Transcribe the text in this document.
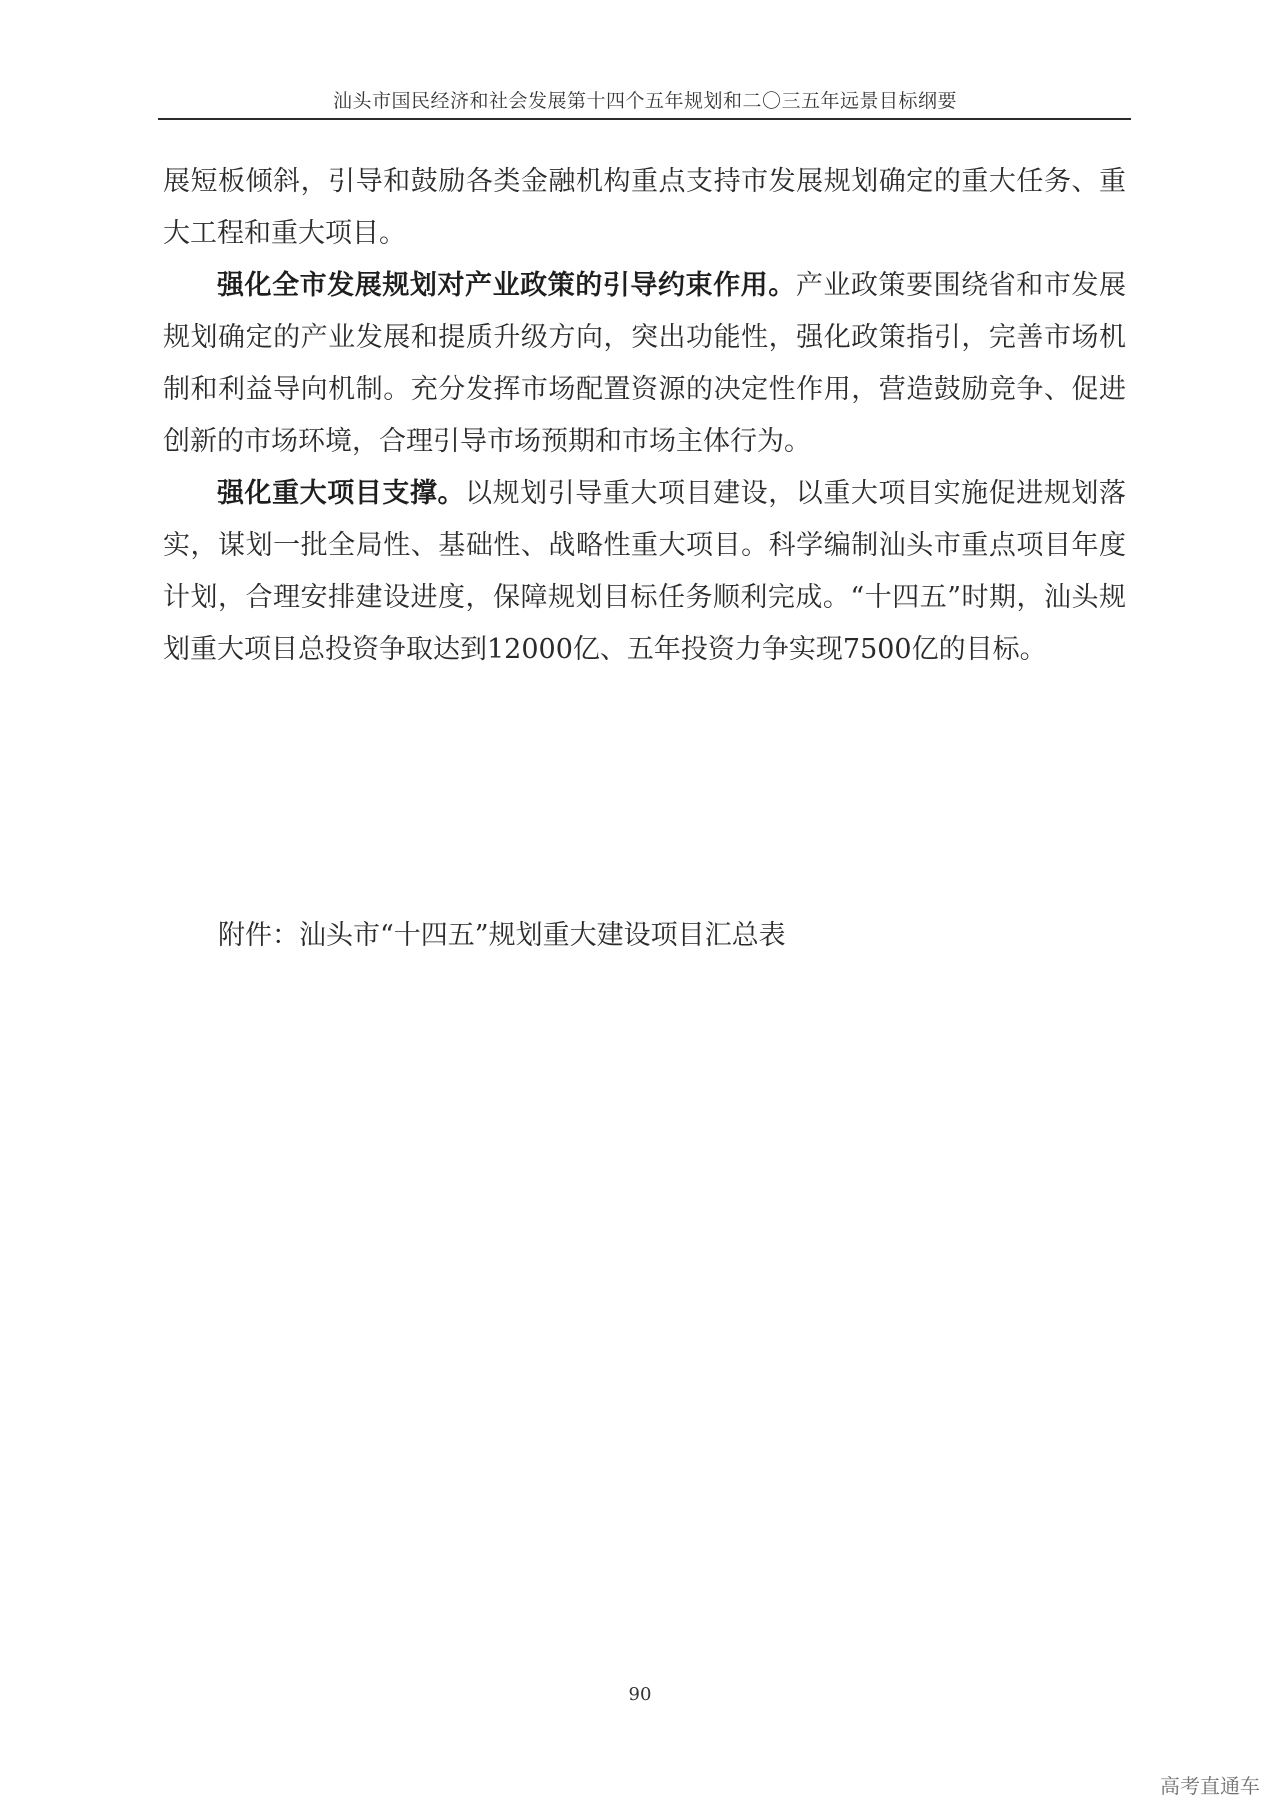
汕头市国民经济和社会发展第十四个五年规划和二〇三五年远景目标纲要

展短板倾斜，引导和鼓励各类金融机构重点支持市发展规划确定的重大任务、重大工程和重大项目。

强化全市发展规划对产业政策的引导约束作用。产业政策要围绕省和市发展规划确定的产业发展和提质升级方向，突出功能性，强化政策指引，完善市场机制和利益导向机制。充分发挥市场配置资源的决定性作用，营造鼓励竞争、促进创新的市场环境，合理引导市场预期和市场主体行为。

强化重大项目支撑。以规划引导重大项目建设，以重大项目实施促进规划落实，谋划一批全局性、基础性、战略性重大项目。科学编制汕头市重点项目年度计划，合理安排建设进度，保障规划目标任务顺利完成。“十四五”时期，汕头规划重大项目总投资争取达到12000亿、五年投资力争实现7500亿的目标。

附件：汕头市“十四五”规划重大建设项目汇总表
90
高考直通车
